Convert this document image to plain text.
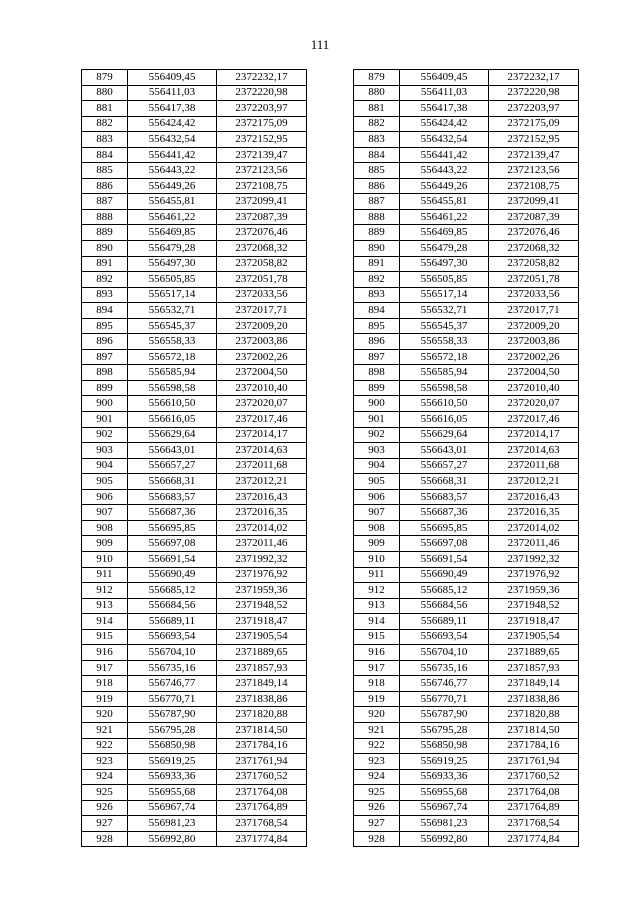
111
879	556409,45	2372232,17		879	556409,45	2372232,17
880	556411,03	2372220,98		880	556411,03	2372220,98
881	556417,38	2372203,97		881	556417,38	2372203,97
882	556424,42	2372175,09		882	556424,42	2372175,09
883	556432,54	2372152,95		883	556432,54	2372152,95
884	556441,42	2372139,47		884	556441,42	2372139,47
885	556443,22	2372123,56		885	556443,22	2372123,56
886	556449,26	2372108,75		886	556449,26	2372108,75
887	556455,81	2372099,41		887	556455,81	2372099,41
888	556461,22	2372087,39		888	556461,22	2372087,39
889	556469,85	2372076,46		889	556469,85	2372076,46
890	556479,28	2372068,32		890	556479,28	2372068,32
891	556497,30	2372058,82		891	556497,30	2372058,82
892	556505,85	2372051,78		892	556505,85	2372051,78
893	556517,14	2372033,56		893	556517,14	2372033,56
894	556532,71	2372017,71		894	556532,71	2372017,71
895	556545,37	2372009,20		895	556545,37	2372009,20
896	556558,33	2372003,86		896	556558,33	2372003,86
897	556572,18	2372002,26		897	556572,18	2372002,26
898	556585,94	2372004,50		898	556585,94	2372004,50
899	556598,58	2372010,40		899	556598,58	2372010,40
900	556610,50	2372020,07		900	556610,50	2372020,07
901	556616,05	2372017,46		901	556616,05	2372017,46
902	556629,64	2372014,17		902	556629,64	2372014,17
903	556643,01	2372014,63		903	556643,01	2372014,63
904	556657,27	2372011,68		904	556657,27	2372011,68
905	556668,31	2372012,21		905	556668,31	2372012,21
906	556683,57	2372016,43		906	556683,57	2372016,43
907	556687,36	2372016,35		907	556687,36	2372016,35
908	556695,85	2372014,02		908	556695,85	2372014,02
909	556697,08	2372011,46		909	556697,08	2372011,46
910	556691,54	2371992,32		910	556691,54	2371992,32
911	556690,49	2371976,92		911	556690,49	2371976,92
912	556685,12	2371959,36		912	556685,12	2371959,36
913	556684,56	2371948,52		913	556684,56	2371948,52
914	556689,11	2371918,47		914	556689,11	2371918,47
915	556693,54	2371905,54		915	556693,54	2371905,54
916	556704,10	2371889,65		916	556704,10	2371889,65
917	556735,16	2371857,93		917	556735,16	2371857,93
918	556746,77	2371849,14		918	556746,77	2371849,14
919	556770,71	2371838,86		919	556770,71	2371838,86
920	556787,90	2371820,88		920	556787,90	2371820,88
921	556795,28	2371814,50		921	556795,28	2371814,50
922	556850,98	2371784,16		922	556850,98	2371784,16
923	556919,25	2371761,94		923	556919,25	2371761,94
924	556933,36	2371760,52		924	556933,36	2371760,52
925	556955,68	2371764,08		925	556955,68	2371764,08
926	556967,74	2371764,89		926	556967,74	2371764,89
927	556981,23	2371768,54		927	556981,23	2371768,54
928	556992,80	2371774,84		928	556992,80	2371774,84
